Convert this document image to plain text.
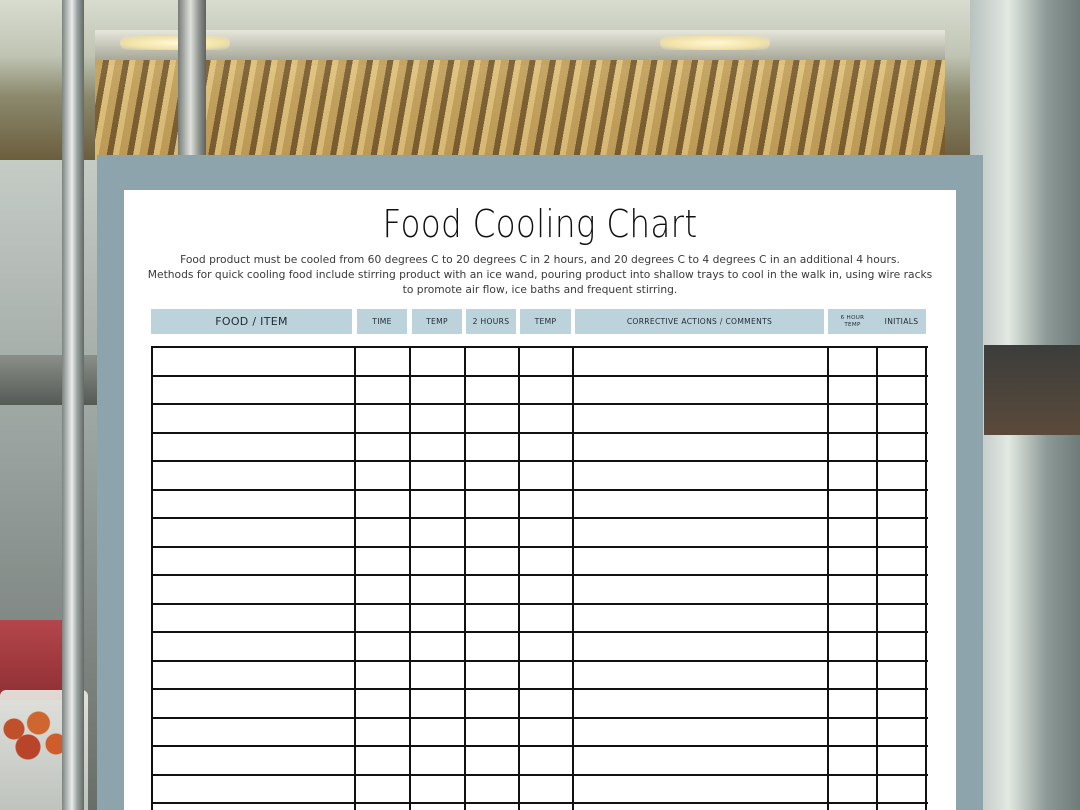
Food Cooling Chart
Food product must be cooled from 60 degrees C to 20 degrees C in 2 hours, and 20 degrees C to 4 degrees C in an additional 4 hours.
Methods for quick cooling food include stirring product with an ice wand, pouring product into shallow trays to cool in the walk in, using wire racks
to promote air flow, ice baths and frequent stirring.
FOOD / ITEM	TIME	TEMP	2 HOURS	TEMP	CORRECTIVE ACTIONS / COMMENTS	6 HOUR TEMP	INITIALS
